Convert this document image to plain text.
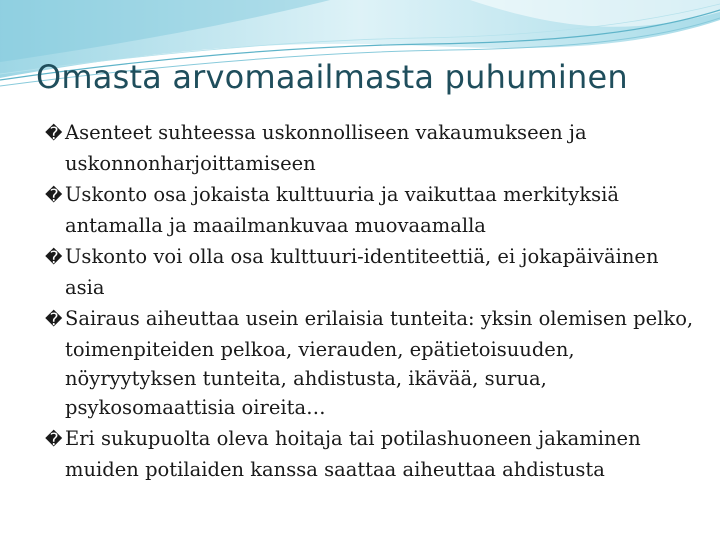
Omasta arvomaailmasta puhuminen
� Asenteet suhteessa uskonnolliseen vakaumukseen ja uskonnonharjoittamiseen
� Uskonto osa jokaista kulttuuria ja vaikuttaa merkityksiä antamalla ja maailmankuvaa muovaamalla
� Uskonto voi olla osa kulttuuri-identiteettiä, ei jokapäiväinen asia
� Sairaus aiheuttaa usein erilaisia tunteita: yksin olemisen pelko, toimenpiteiden pelkoa, vierauden, epätietoisuuden, nöyryytyksen tunteita, ahdistusta, ikävää, surua, psykosomaattisia oireita…
� Eri sukupuolta oleva hoitaja tai potilashuoneen jakaminen muiden potilaiden kanssa saattaa aiheuttaa ahdistusta
